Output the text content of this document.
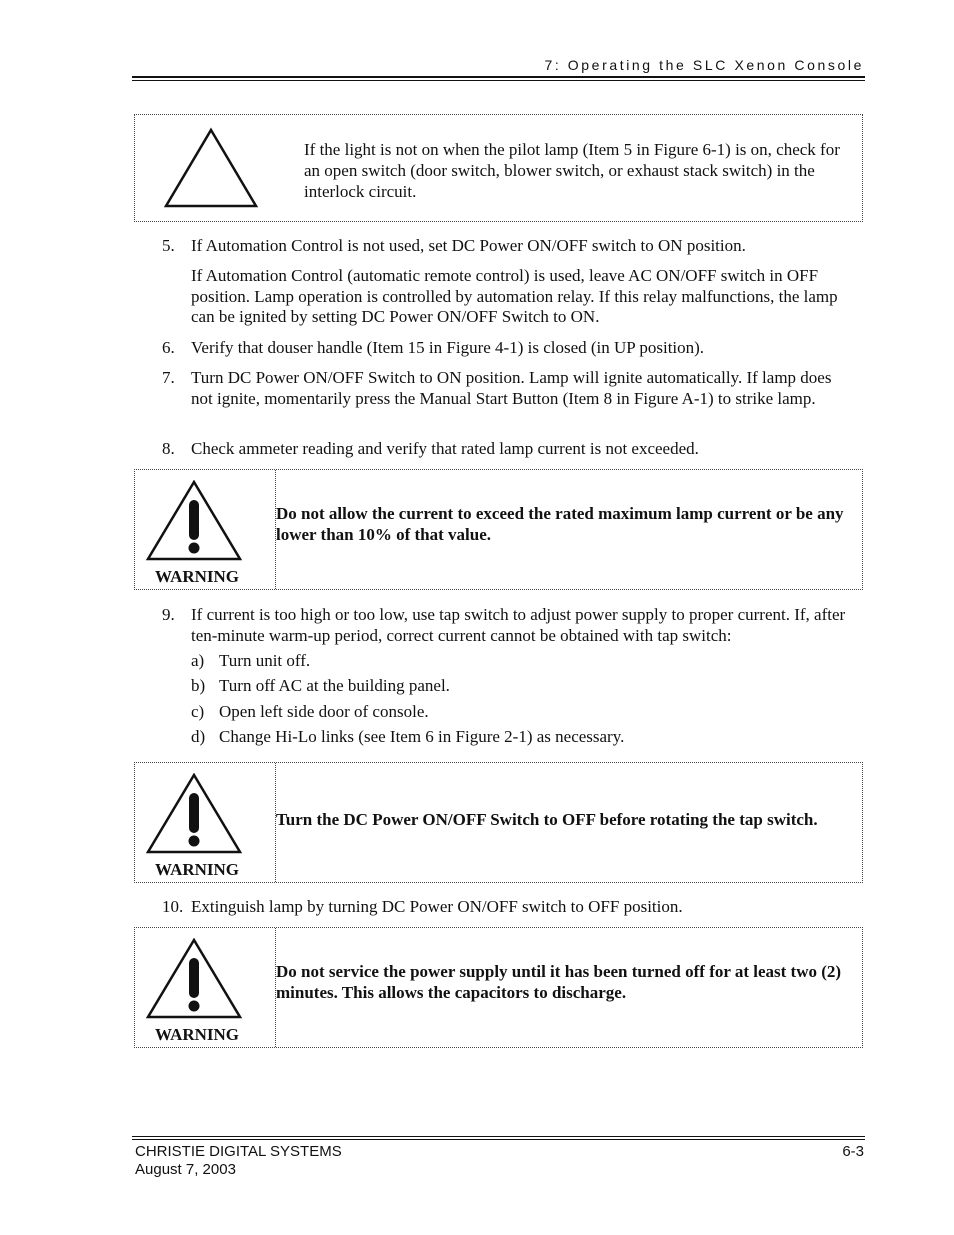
7: Operating the SLC Xenon Console
If the light is not on when the pilot lamp (Item 5 in Figure 6-1) is on, check for an open switch (door switch, blower switch, or exhaust stack switch) in the interlock circuit.
5. If Automation Control is not used, set DC Power ON/OFF switch to ON position.
If Automation Control (automatic remote control) is used, leave AC ON/OFF switch in OFF position. Lamp operation is controlled by automation relay. If this relay malfunctions, the lamp can be ignited by setting DC Power ON/OFF Switch to ON.
6. Verify that douser handle (Item 15 in Figure 4-1) is closed (in UP position).
7. Turn DC Power ON/OFF Switch to ON position. Lamp will ignite automatically. If lamp does not ignite, momentarily press the Manual Start Button (Item 8 in Figure A-1) to strike lamp.
8. Check ammeter reading and verify that rated lamp current is not exceeded.
WARNING
Do not allow the current to exceed the rated maximum lamp current or be any lower than 10% of that value.
9. If current is too high or too low, use tap switch to adjust power supply to proper current. If, after ten-minute warm-up period, correct current cannot be obtained with tap switch:
a) Turn unit off.
b) Turn off AC at the building panel.
c) Open left side door of console.
d) Change Hi-Lo links (see Item 6 in Figure 2-1) as necessary.
WARNING
Turn the DC Power ON/OFF Switch to OFF before rotating the tap switch.
10. Extinguish lamp by turning DC Power ON/OFF switch to OFF position.
WARNING
Do not service the power supply until it has been turned off for at least two (2) minutes. This allows the capacitors to discharge.
CHRISTIE DIGITAL SYSTEMS
August 7, 2003
6-3
